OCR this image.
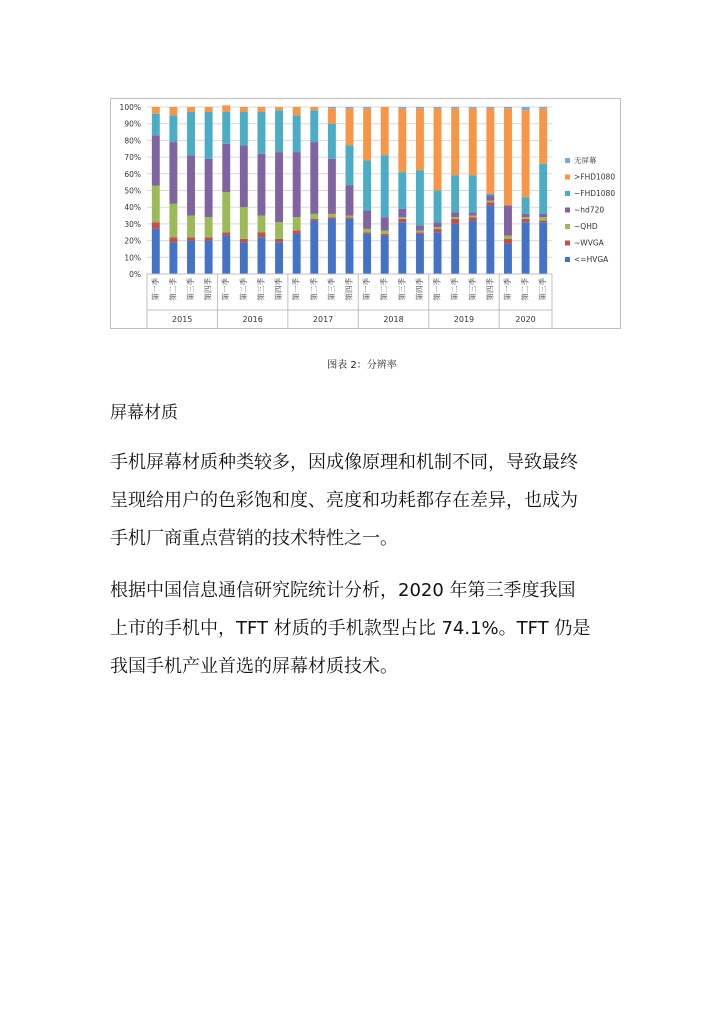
0%
10%
20%
30%
40%
50%
60%
70%
80%
90%
100%
第一季 第二季 第三季 第四季 第一季 第二季 第三季 第四季 第一季 第二季 第三季 第四季 第一季 第二季 第三季 第四季 第一季 第二季 第三季 第四季 第一季 第二季 第三季
2015	2016	2017	2018	2019	2020
无屏幕
>FHD1080
~FHD1080
~hd720
~QHD
~WVGA
<=HVGA
图表 2：分辨率
屏幕材质

手机屏幕材质种类较多，因成像原理和机制不同，导致最终
呈现给用户的色彩饱和度、亮度和功耗都存在差异，也成为
手机厂商重点营销的技术特性之一。

根据中国信息通信研究院统计分析，2020 年第三季度我国
上市的手机中，TFT 材质的手机款型占比 74.1%。TFT 仍是
我国手机产业首选的屏幕材质技术。
